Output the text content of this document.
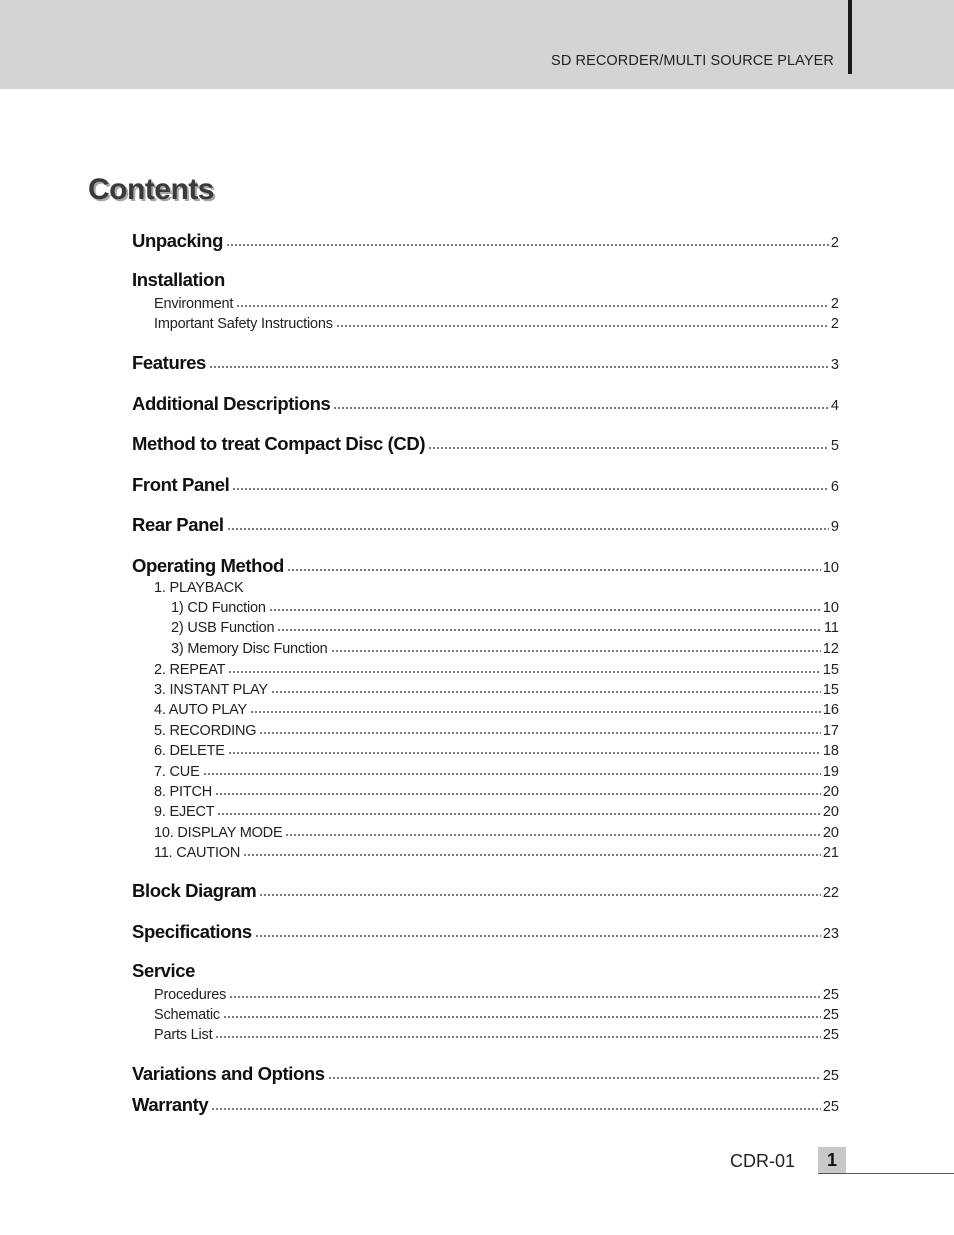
SD RECORDER/MULTI SOURCE PLAYER
Contents
Unpacking	2
Installation
Environment	2
Important Safety Instructions	2
Features	3
Additional Descriptions	4
Method to treat Compact Disc (CD)	5
Front Panel	6
Rear Panel	9
Operating Method	10
1. PLAYBACK
1) CD Function	10
2) USB Function	11
3) Memory Disc Function	12
2. REPEAT	15
3. INSTANT PLAY	15
4. AUTO PLAY	16
5. RECORDING	17
6. DELETE	18
7. CUE	19
8. PITCH	20
9. EJECT	20
10. DISPLAY MODE	20
11. CAUTION	21
Block Diagram	22
Specifications	23
Service
Procedures	25
Schematic	25
Parts List	25
Variations and Options	25
Warranty	25
CDR-01	1
